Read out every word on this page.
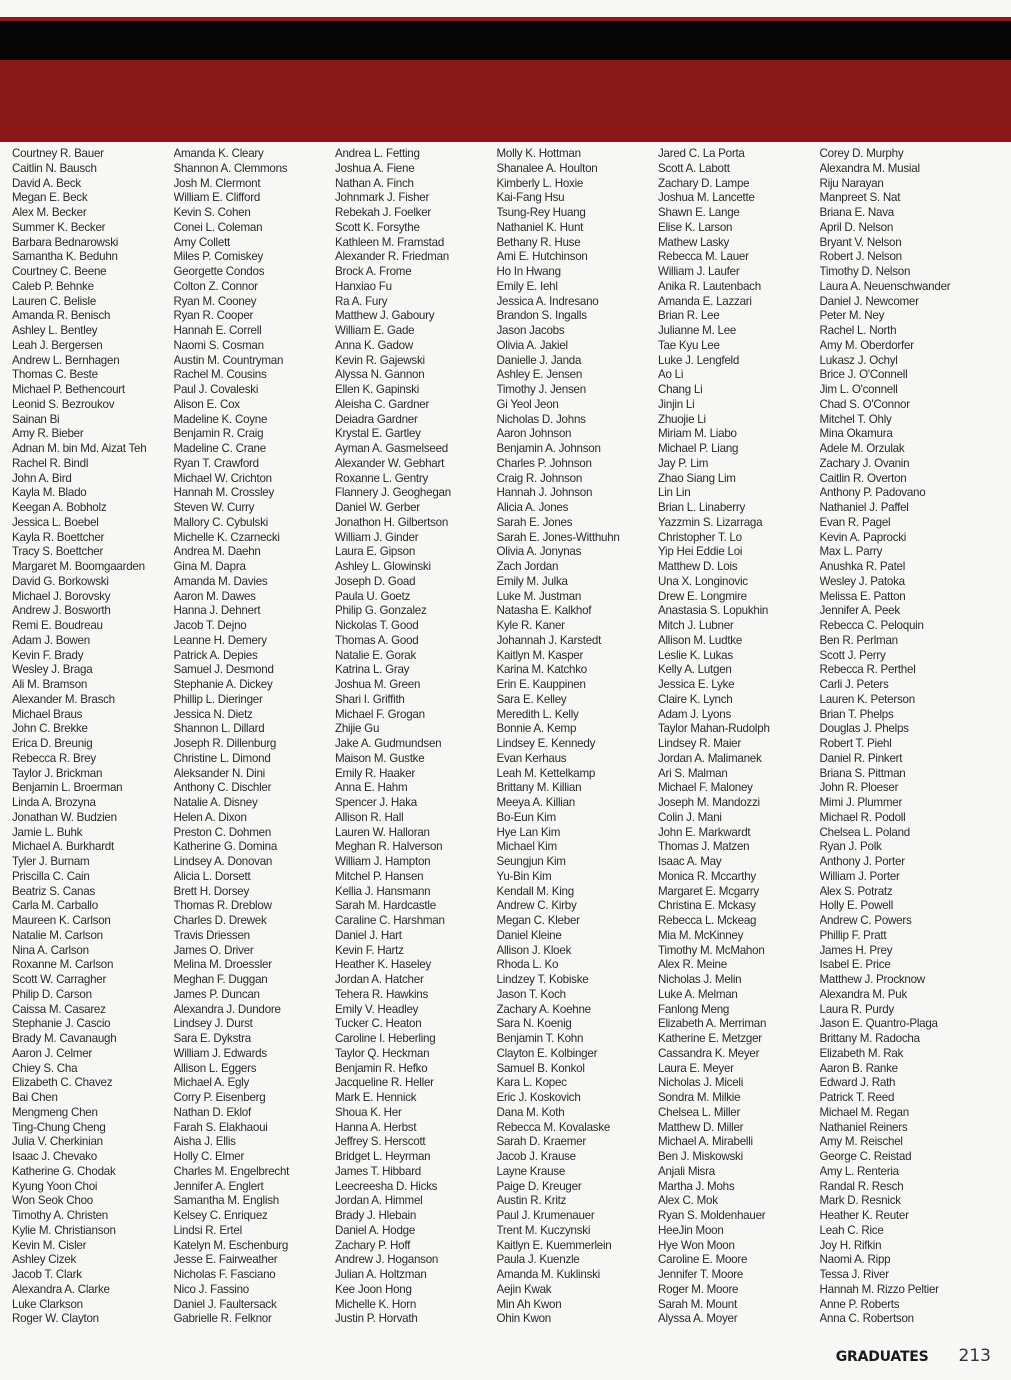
Courtney R. Bauer
Caitlin N. Bausch
David A. Beck
Megan E. Beck
Alex M. Becker
Summer K. Becker
Barbara Bednarowski
Samantha K. Beduhn
Courtney C. Beene
Caleb P. Behnke
Lauren C. Belisle
Amanda R. Benisch
Ashley L. Bentley
Leah J. Bergersen
Andrew L. Bernhagen
Thomas C. Beste
Michael P. Bethencourt
Leonid S. Bezroukov
Sainan Bi
Amy R. Bieber
Adnan M. bin Md. Aizat Teh
Rachel R. Bindl
John A. Bird
Kayla M. Blado
Keegan A. Bobholz
Jessica L. Boebel
Kayla R. Boettcher
Tracy S. Boettcher
Margaret M. Boomgaarden
David G. Borkowski
Michael J. Borovsky
Andrew J. Bosworth
Remi E. Boudreau
Adam J. Bowen
Kevin F. Brady
Wesley J. Braga
Ali M. Bramson
Alexander M. Brasch
Michael Braus
John C. Brekke
Erica D. Breunig
Rebecca R. Brey
Taylor J. Brickman
Benjamin L. Broerman
Linda A. Brozyna
Jonathan W. Budzien
Jamie L. Buhk
Michael A. Burkhardt
Tyler J. Burnam
Priscilla C. Cain
Beatriz S. Canas
Carla M. Carballo
Maureen K. Carlson
Natalie M. Carlson
Nina A. Carlson
Roxanne M. Carlson
Scott W. Carragher
Philip D. Carson
Caissa M. Casarez
Stephanie J. Cascio
Brady M. Cavanaugh
Aaron J. Celmer
Chiey S. Cha
Elizabeth C. Chavez
Bai Chen
Mengmeng Chen
Ting-Chung Cheng
Julia V. Cherkinian
Isaac J. Chevako
Katherine G. Chodak
Kyung Yoon Choi
Won Seok Choo
Timothy A. Christen
Kylie M. Christianson
Kevin M. Cisler
Ashley Cizek
Jacob T. Clark
Alexandra A. Clarke
Luke Clarkson
Roger W. Clayton
Amanda K. Cleary
Shannon A. Clemmons
Josh M. Clermont
William E. Clifford
Kevin S. Cohen
Conei L. Coleman
Amy Collett
Miles P. Comiskey
Georgette Condos
Colton Z. Connor
Ryan M. Cooney
Ryan R. Cooper
Hannah E. Correll
Naomi S. Cosman
Austin M. Countryman
Rachel M. Cousins
Paul J. Covaleski
Alison E. Cox
Madeline K. Coyne
Benjamin R. Craig
Madeline C. Crane
Ryan T. Crawford
Michael W. Crichton
Hannah M. Crossley
Steven W. Curry
Mallory C. Cybulski
Michelle K. Czarnecki
Andrea M. Daehn
Gina M. Dapra
Amanda M. Davies
Aaron M. Dawes
Hanna J. Dehnert
Jacob T. Dejno
Leanne H. Demery
Patrick A. Depies
Samuel J. Desmond
Stephanie A. Dickey
Phillip L. Dieringer
Jessica N. Dietz
Shannon L. Dillard
Joseph R. Dillenburg
Christine L. Dimond
Aleksander N. Dini
Anthony C. Dischler
Natalie A. Disney
Helen A. Dixon
Preston C. Dohmen
Katherine G. Domina
Lindsey A. Donovan
Alicia L. Dorsett
Brett H. Dorsey
Thomas R. Dreblow
Charles D. Drewek
Travis Driessen
James O. Driver
Melina M. Droessler
Meghan F. Duggan
James P. Duncan
Alexandra J. Dundore
Lindsey J. Durst
Sara E. Dykstra
William J. Edwards
Allison L. Eggers
Michael A. Egly
Corry P. Eisenberg
Nathan D. Eklof
Farah S. Elakhaoui
Aisha J. Ellis
Holly C. Elmer
Charles M. Engelbrecht
Jennifer A. Englert
Samantha M. English
Kelsey C. Enriquez
Lindsi R. Ertel
Katelyn M. Eschenburg
Jesse E. Fairweather
Nicholas F. Fasciano
Nico J. Fassino
Daniel J. Faultersack
Gabrielle R. Felknor
Andrea L. Fetting
Joshua A. Fiene
Nathan A. Finch
Johnmark J. Fisher
Rebekah J. Foelker
Scott K. Forsythe
Kathleen M. Framstad
Alexander R. Friedman
Brock A. Frome
Hanxiao Fu
Ra A. Fury
Matthew J. Gaboury
William E. Gade
Anna K. Gadow
Kevin R. Gajewski
Alyssa N. Gannon
Ellen K. Gapinski
Aleisha C. Gardner
Deiadra Gardner
Krystal E. Gartley
Ayman A. Gasmelseed
Alexander W. Gebhart
Roxanne L. Gentry
Flannery J. Geoghegan
Daniel W. Gerber
Jonathon H. Gilbertson
William J. Ginder
Laura E. Gipson
Ashley L. Glowinski
Joseph D. Goad
Paula U. Goetz
Philip G. Gonzalez
Nickolas T. Good
Thomas A. Good
Natalie E. Gorak
Katrina L. Gray
Joshua M. Green
Shari I. Griffith
Michael F. Grogan
Zhijie Gu
Jake A. Gudmundsen
Maison M. Gustke
Emily R. Haaker
Anna E. Hahm
Spencer J. Haka
Allison R. Hall
Lauren W. Halloran
Meghan R. Halverson
William J. Hampton
Mitchel P. Hansen
Kellia J. Hansmann
Sarah M. Hardcastle
Caraline C. Harshman
Daniel J. Hart
Kevin F. Hartz
Heather K. Haseley
Jordan A. Hatcher
Tehera R. Hawkins
Emily V. Headley
Tucker C. Heaton
Caroline I. Heberling
Taylor Q. Heckman
Benjamin R. Hefko
Jacqueline R. Heller
Mark E. Hennick
Shoua K. Her
Hanna A. Herbst
Jeffrey S. Herscott
Bridget L. Heyrman
James T. Hibbard
Leecreesha D. Hicks
Jordan A. Himmel
Brady J. Hlebain
Daniel A. Hodge
Zachary P. Hoff
Andrew J. Hoganson
Julian A. Holtzman
Kee Joon Hong
Michelle K. Horn
Justin P. Horvath
Molly K. Hottman
Shanalee A. Houlton
Kimberly L. Hoxie
Kai-Fang Hsu
Tsung-Rey Huang
Nathaniel K. Hunt
Bethany R. Huse
Ami E. Hutchinson
Ho In Hwang
Emily E. Iehl
Jessica A. Indresano
Brandon S. Ingalls
Jason Jacobs
Olivia A. Jakiel
Danielle J. Janda
Ashley E. Jensen
Timothy J. Jensen
Gi Yeol Jeon
Nicholas D. Johns
Aaron Johnson
Benjamin A. Johnson
Charles P. Johnson
Craig R. Johnson
Hannah J. Johnson
Alicia A. Jones
Sarah E. Jones
Sarah E. Jones-Witthuhn
Olivia A. Jonynas
Zach Jordan
Emily M. Julka
Luke M. Justman
Natasha E. Kalkhof
Kyle R. Kaner
Johannah J. Karstedt
Kaitlyn M. Kasper
Karina M. Katchko
Erin E. Kauppinen
Sara E. Kelley
Meredith L. Kelly
Bonnie A. Kemp
Lindsey E. Kennedy
Evan Kerhaus
Leah M. Kettelkamp
Brittany M. Killian
Meeya A. Killian
Bo-Eun Kim
Hye Lan Kim
Michael Kim
Seungjun Kim
Yu-Bin Kim
Kendall M. King
Andrew C. Kirby
Megan C. Kleber
Daniel Kleine
Allison J. Kloek
Rhoda L. Ko
Lindzey T. Kobiske
Jason T. Koch
Zachary A. Koehne
Sara N. Koenig
Benjamin T. Kohn
Clayton E. Kolbinger
Samuel B. Konkol
Kara L. Kopec
Eric J. Koskovich
Dana M. Koth
Rebecca M. Kovalaske
Sarah D. Kraemer
Jacob J. Krause
Layne Krause
Paige D. Kreuger
Austin R. Kritz
Paul J. Krumenauer
Trent M. Kuczynski
Kaitlyn E. Kuemmerlein
Paula J. Kuenzle
Amanda M. Kuklinski
Aejin Kwak
Min Ah Kwon
Ohin Kwon
Jared C. La Porta
Scott A. Labott
Zachary D. Lampe
Joshua M. Lancette
Shawn E. Lange
Elise K. Larson
Mathew Lasky
Rebecca M. Lauer
William J. Laufer
Anika R. Lautenbach
Amanda E. Lazzari
Brian R. Lee
Julianne M. Lee
Tae Kyu Lee
Luke J. Lengfeld
Ao Li
Chang Li
Jinjin Li
Zhuojie Li
Miriam M. Liabo
Michael P. Liang
Jay P. Lim
Zhao Siang Lim
Lin Lin
Brian L. Linaberry
Yazzmin S. Lizarraga
Christopher T. Lo
Yip Hei Eddie Loi
Matthew D. Lois
Una X. Longinovic
Drew E. Longmire
Anastasia S. Lopukhin
Mitch J. Lubner
Allison M. Ludtke
Leslie K. Lukas
Kelly A. Lutgen
Jessica E. Lyke
Claire K. Lynch
Adam J. Lyons
Taylor Mahan-Rudolph
Lindsey R. Maier
Jordan A. Malimanek
Ari S. Malman
Michael F. Maloney
Joseph M. Mandozzi
Colin J. Mani
John E. Markwardt
Thomas J. Matzen
Isaac A. May
Monica R. Mccarthy
Margaret E. Mcgarry
Christina E. Mckasy
Rebecca L. Mckeag
Mia M. McKinney
Timothy M. McMahon
Alex R. Meine
Nicholas J. Melin
Luke A. Melman
Fanlong Meng
Elizabeth A. Merriman
Katherine E. Metzger
Cassandra K. Meyer
Laura E. Meyer
Nicholas J. Miceli
Sondra M. Milkie
Chelsea L. Miller
Matthew D. Miller
Michael A. Mirabelli
Ben J. Miskowski
Anjali Misra
Martha J. Mohs
Alex C. Mok
Ryan S. Moldenhauer
HeeJin Moon
Hye Won Moon
Caroline E. Moore
Jennifer T. Moore
Roger M. Moore
Sarah M. Mount
Alyssa A. Moyer
Corey D. Murphy
Alexandra M. Musial
Riju Narayan
Manpreet S. Nat
Briana E. Nava
April D. Nelson
Bryant V. Nelson
Robert J. Nelson
Timothy D. Nelson
Laura A. Neuenschwander
Daniel J. Newcomer
Peter M. Ney
Rachel L. North
Amy M. Oberdorfer
Lukasz J. Ochyl
Brice J. O'Connell
Jim L. O'connell
Chad S. O'Connor
Mitchel T. Ohly
Mina Okamura
Adele M. Orzulak
Zachary J. Ovanin
Caitlin R. Overton
Anthony P. Padovano
Nathaniel J. Paffel
Evan R. Pagel
Kevin A. Paprocki
Max L. Parry
Anushka R. Patel
Wesley J. Patoka
Melissa E. Patton
Jennifer A. Peek
Rebecca C. Peloquin
Ben R. Perlman
Scott J. Perry
Rebecca R. Perthel
Carli J. Peters
Lauren K. Peterson
Brian T. Phelps
Douglas J. Phelps
Robert T. Piehl
Daniel R. Pinkert
Briana S. Pittman
John R. Ploeser
Mimi J. Plummer
Michael R. Podoll
Chelsea L. Poland
Ryan J. Polk
Anthony J. Porter
William J. Porter
Alex S. Potratz
Holly E. Powell
Andrew C. Powers
Phillip F. Pratt
James H. Prey
Isabel E. Price
Matthew J. Procknow
Alexandra M. Puk
Laura R. Purdy
Jason E. Quantro-Plaga
Brittany M. Radocha
Elizabeth M. Rak
Aaron B. Ranke
Edward J. Rath
Patrick T. Reed
Michael M. Regan
Nathaniel Reiners
Amy M. Reischel
George C. Reistad
Amy L. Renteria
Randal R. Resch
Mark D. Resnick
Heather K. Reuter
Leah C. Rice
Joy H. Rifkin
Naomi A. Ripp
Tessa J. River
Hannah M. Rizzo Peltier
Anne P. Roberts
Anna C. Robertson
GRADUATES 213
